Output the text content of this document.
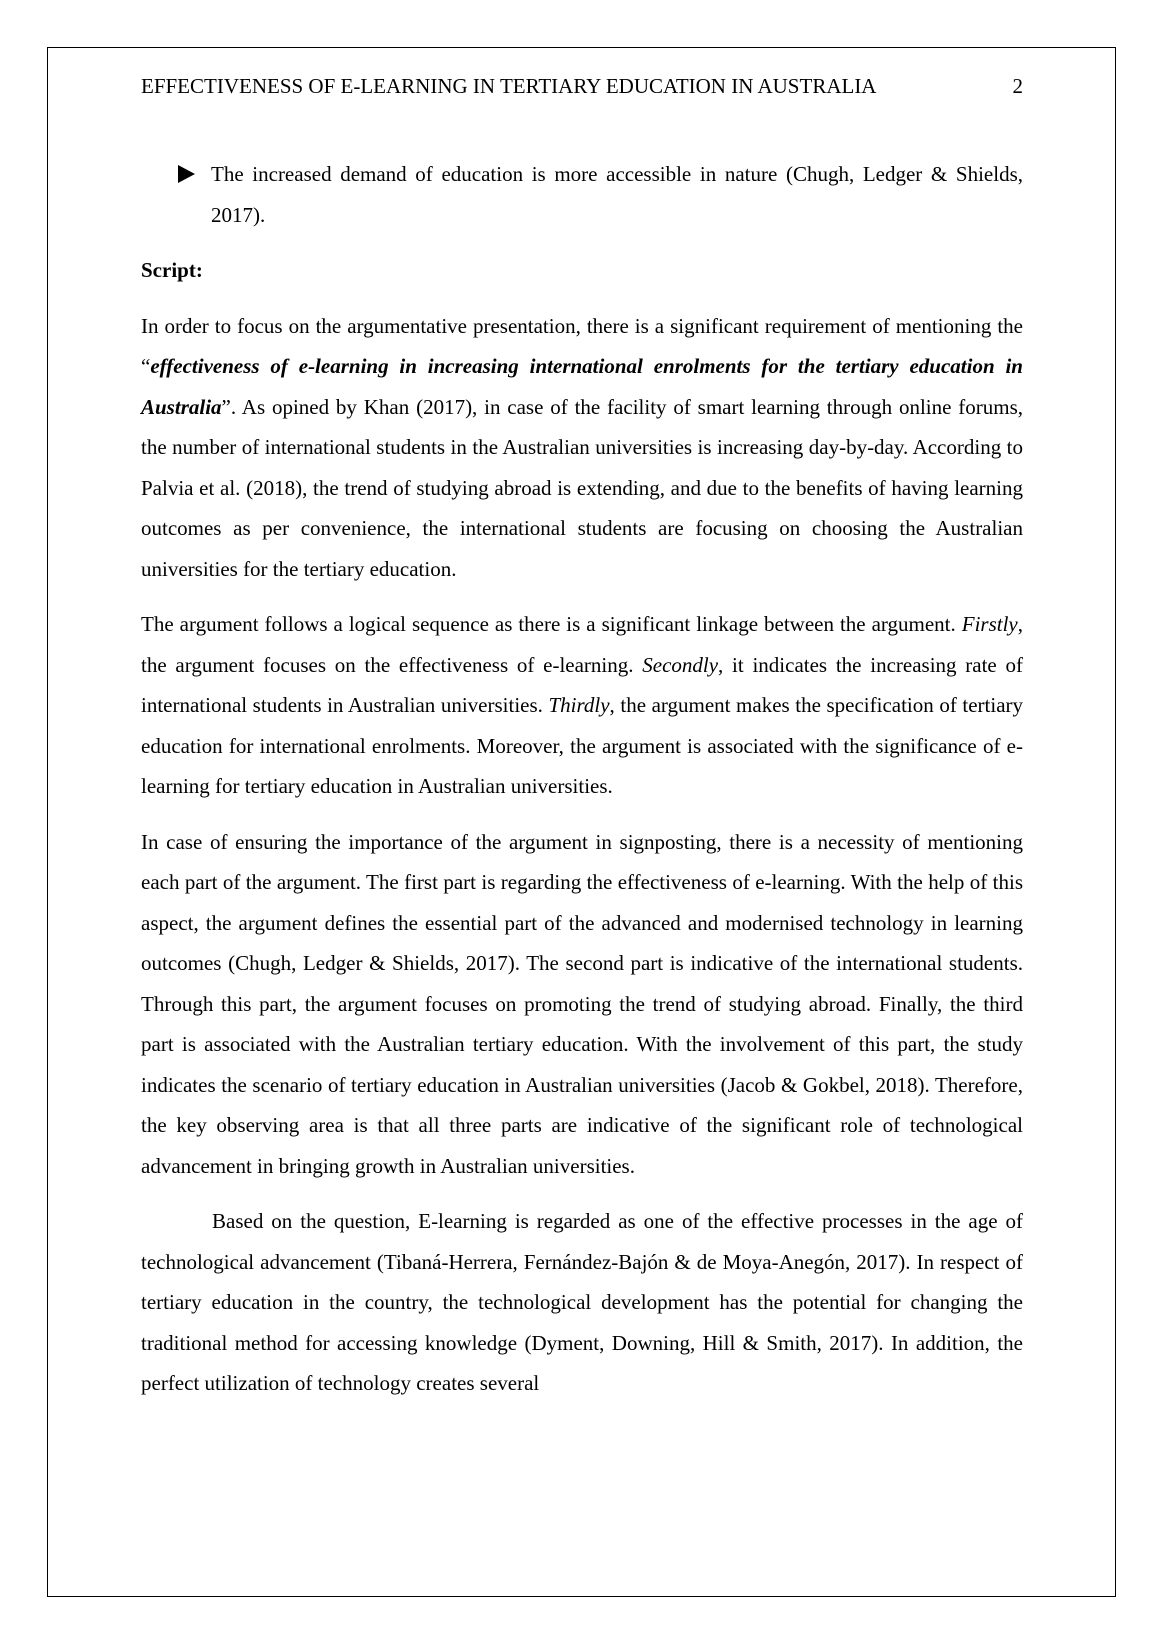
EFFECTIVENESS OF E-LEARNING IN TERTIARY EDUCATION IN AUSTRALIA	2
The increased demand of education is more accessible in nature (Chugh, Ledger & Shields, 2017).
Script:

In order to focus on the argumentative presentation, there is a significant requirement of mentioning the “effectiveness of e-learning in increasing international enrolments for the tertiary education in Australia”. As opined by Khan (2017), in case of the facility of smart learning through online forums, the number of international students in the Australian universities is increasing day-by-day. According to Palvia et al. (2018), the trend of studying abroad is extending, and due to the benefits of having learning outcomes as per convenience, the international students are focusing on choosing the Australian universities for the tertiary education.

The argument follows a logical sequence as there is a significant linkage between the argument. Firstly, the argument focuses on the effectiveness of e-learning. Secondly, it indicates the increasing rate of international students in Australian universities. Thirdly, the argument makes the specification of tertiary education for international enrolments. Moreover, the argument is associated with the significance of e-learning for tertiary education in Australian universities.

In case of ensuring the importance of the argument in signposting, there is a necessity of mentioning each part of the argument. The first part is regarding the effectiveness of e-learning. With the help of this aspect, the argument defines the essential part of the advanced and modernised technology in learning outcomes (Chugh, Ledger & Shields, 2017). The second part is indicative of the international students. Through this part, the argument focuses on promoting the trend of studying abroad. Finally, the third part is associated with the Australian tertiary education. With the involvement of this part, the study indicates the scenario of tertiary education in Australian universities (Jacob & Gokbel, 2018). Therefore, the key observing area is that all three parts are indicative of the significant role of technological advancement in bringing growth in Australian universities.

Based on the question, E-learning is regarded as one of the effective processes in the age of technological advancement (Tibaná-Herrera, Fernández-Bajón & de Moya-Anegón, 2017). In respect of tertiary education in the country, the technological development has the potential for changing the traditional method for accessing knowledge (Dyment, Downing, Hill & Smith, 2017). In addition, the perfect utilization of technology creates several
